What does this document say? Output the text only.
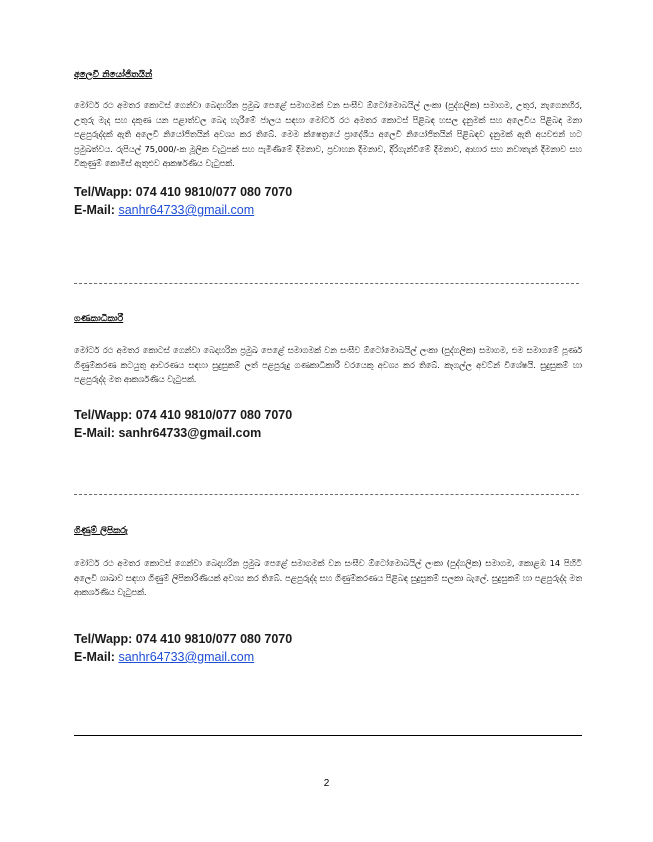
අලෙවි නියෝජිතයින්

මෝටර් රථ අමතර කොටස් ගෙන්වා බෙදාහරින ප්‍රමුඛ පෙළේ සමාගමක් වන සංඝීව ඕටෝමොබයිල් ලංකා (පුද්ගලික) සමාගම, උතුර, නැගෙනහිර, උතුරු මැද සහ දකුණ යන පළාත්වල බෙදා හැරීමේ ජාලය සඳහා මෝටර් රථ අමතර කොටස් පිළිබඳ හසල දැනුමක් සහ අලෙවිය පිළිබඳ මනා පළපුරුද්දක් ඇති අලෙවි නියෝජිතයින් අවශ්‍ය කර තිබේ. මෙම ක්ෂෙත්‍රයේ ප්‍රාදේශීය අලෙවි නියෝජිතයින් පිළිබඳව දැනුමක් ඇති අයවළුන් හට ප්‍රමුඛත්වය. රුපියල් 75,000/-ක මූලික වැටුපක් සහ පැමිණීමේ දීමනාව, ප්‍රවාහන දීමනාව, දිරිගැන්වීමේ දීමනාව, ආහාර සහ නවාතැන් දීමනාව සහ විකුණුම් කොමිස් ඇතුළුව ආකර්ෂණීය වැටුපක්.

Tel/Wapp: 074 410 9810/077 080 7070
E-Mail: sanhr64733@gmail.com
ගණකාධිකාරී

මෝටර් රථ අමතර කොටස් ගෙන්වා බෙදාහරින ප්‍රමුඛ පෙළේ සමාගමක් වන සංඝීව ඕටෝමොබයිල් ලංකා (පුද්ගලික) සමාගම, එම සමාගමේ පූර්ණ ගිණුම්කරණ කටයුතු ආවරණය සඳහා සුදුසුකම් ලත් පළපුරුදු ගණකාධිකාරී වරයෙකු අවශ්‍ය කර තිබේ. කෑගල්ල අවට්න් විශේෂයි. සුදුසුකම් හා පළපුරුද්ද මත ආකර්ශණිය වැටුපක්.

Tel/Wapp: 074 410 9810/077 080 7070
E-Mail: sanhr64733@gmail.com
ගිණුම් ලිපිකරු

මෝටර් රථ අමතර කොටස් ගෙන්වා බෙදාහරින ප්‍රමුඛ පෙළේ සමාගමක් වන සංඝීව ඕටෝමොබයිල් ලංකා (පුද්ගලික) සමාගම, කොළඹ 14 පිහිටි අලෙවි ශාඛාව සඳහා ගිණුම් ලිපිකාරිණියක් අවශ්‍ය කර තිබේ. පළපුරුද්ද සහ ගිණුම්කරණය පිළිබඳ සුදුසුකම් සලකා බැලේ. සුදුසුකම් හා පළපුරුද්ද මත ආකර්ශණිය වැටුපක්.

Tel/Wapp: 074 410 9810/077 080 7070
E-Mail: sanhr64733@gmail.com
2
